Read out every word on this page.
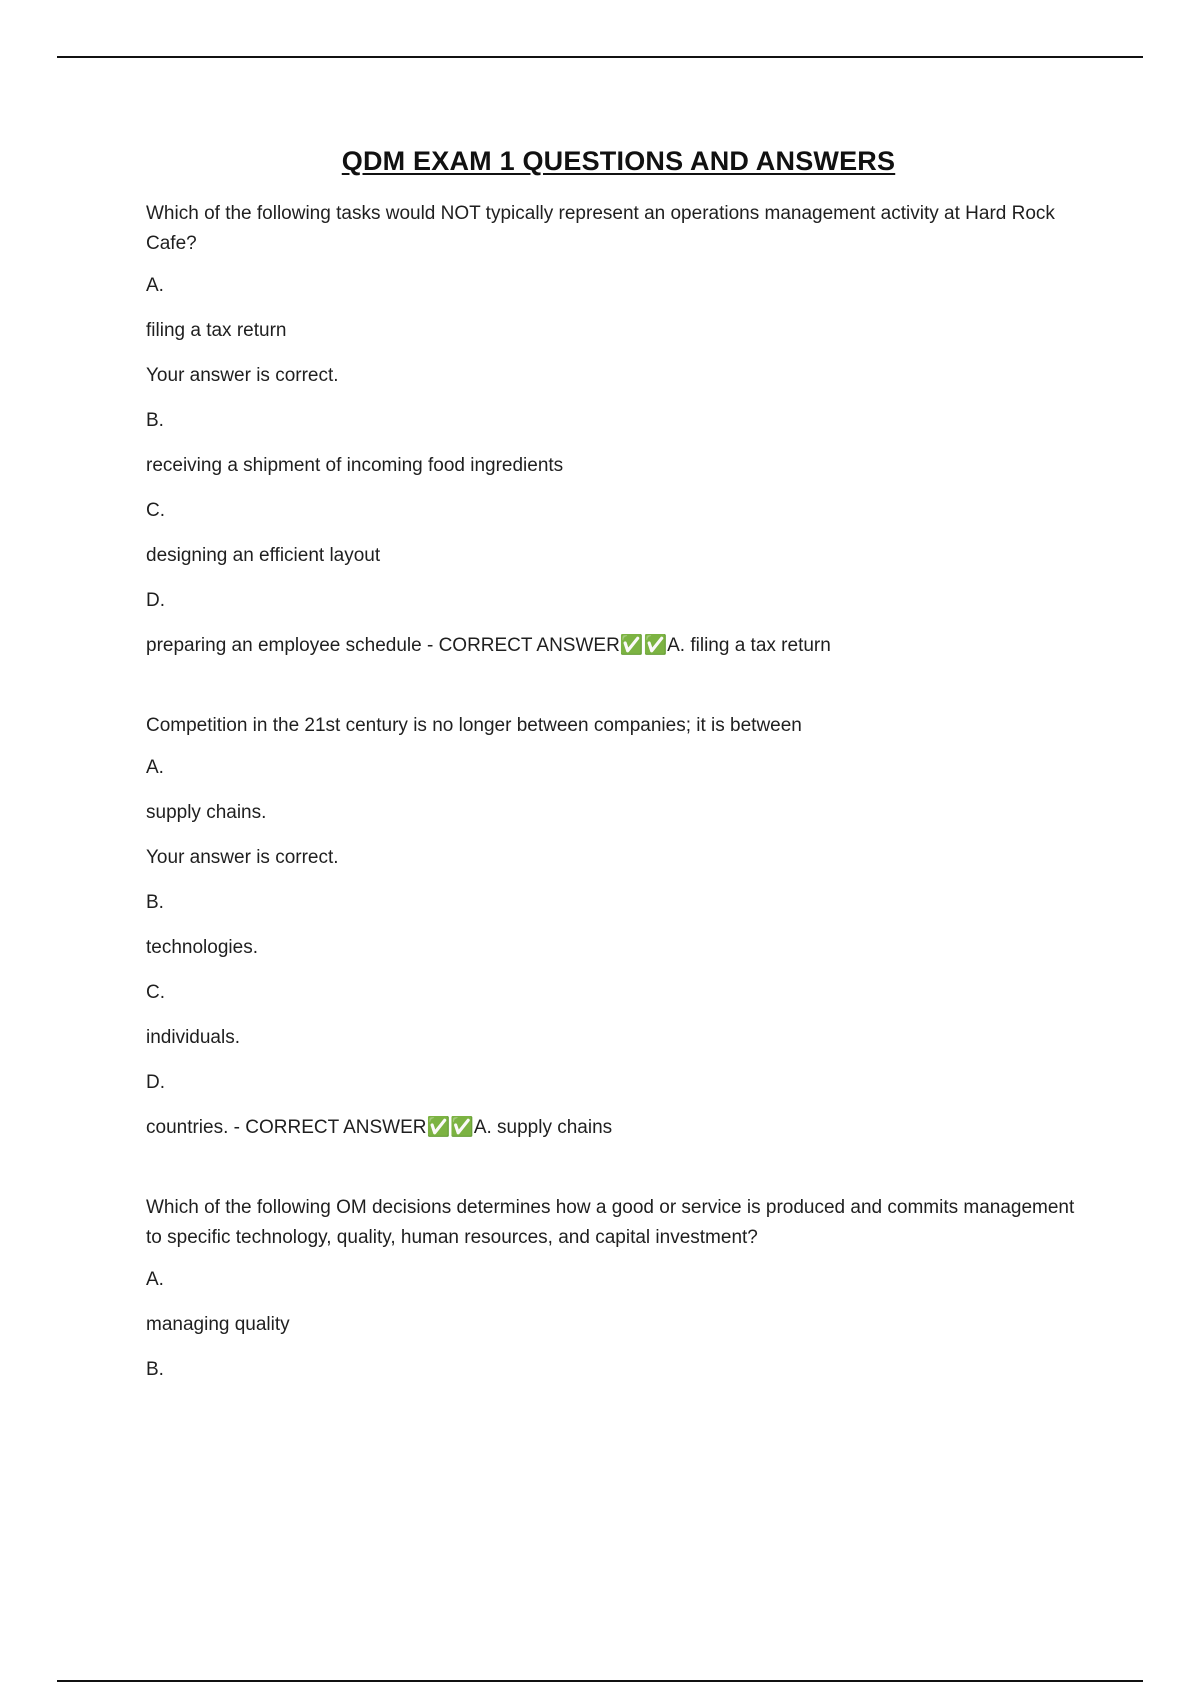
QDM EXAM 1 QUESTIONS AND ANSWERS

Which of the following tasks would NOT typically represent an operations management activity at Hard Rock Cafe?

A.

filing a tax return

Your answer is correct.

B.

receiving a shipment of incoming food ingredients

C.

designing an efficient layout

D.

preparing an employee schedule - CORRECT ANSWER✅✅A. filing a tax return

Competition in the 21st century is no longer between companies; it is between

A.

supply chains.

Your answer is correct.

B.

technologies.

C.

individuals.

D.

countries. - CORRECT ANSWER✅✅A. supply chains

Which of the following OM decisions determines how a good or service is produced and commits management to specific technology, quality, human resources, and capital investment?

A.

managing quality

B.
